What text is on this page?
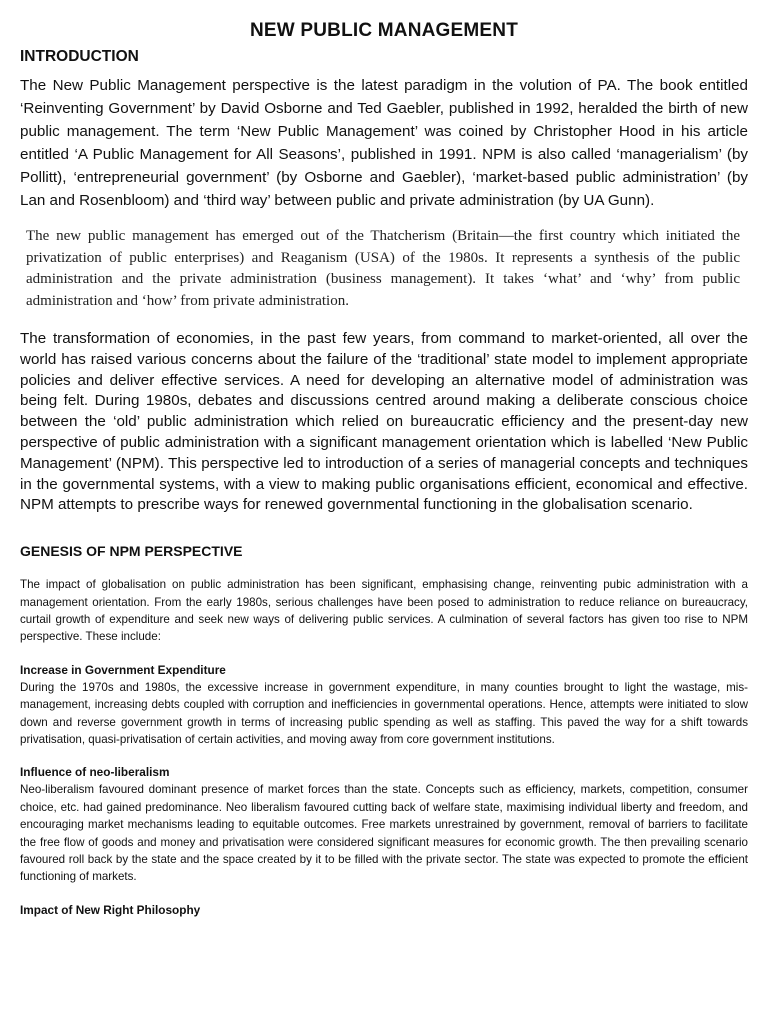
NEW PUBLIC MANAGEMENT
INTRODUCTION

The New Public Management perspective is the latest paradigm in the volution of PA. The book entitled ‘Reinventing Government’ by David Osborne and Ted Gaebler, published in 1992, heralded the birth of new public management. The term ‘New Public Management’ was coined by Christopher Hood in his article entitled ‘A Public Management for All Seasons’, published in 1991. NPM is also called ‘managerialism’ (by Pollitt), ‘entrepreneurial government’ (by Osborne and Gaebler), ‘market-based public administration’ (by Lan and Rosenbloom) and ‘third way’ between public and private administration (by UA Gunn).

The new public management has emerged out of the Thatcherism (Britain—the first country which initiated the privatization of public enterprises) and Reaganism (USA) of the 1980s. It represents a synthesis of the public administration and the private administration (business management). It takes ‘what’ and ‘why’ from public administration and ‘how’ from private administration.

The transformation of economies, in the past few years, from command to market-oriented, all over the world has raised various concerns about the failure of the ‘traditional’ state model to implement appropriate policies and deliver effective services. A need for developing an alternative model of administration was being felt. During 1980s, debates and discussions centred around making a deliberate conscious choice between the ‘old’ public administration which relied on bureaucratic efficiency and the present-day new perspective of public administration with a significant management orientation which is labelled ‘New Public Management’ (NPM). This perspective led to introduction of a series of managerial concepts and techniques in the governmental systems, with a view to making public organisations efficient, economical and effective. NPM attempts to prescribe ways for renewed governmental functioning in the globalisation scenario.

GENESIS OF NPM PERSPECTIVE

The impact of globalisation on public administration has been significant, emphasising change, reinventing pubic administration with a management orientation. From the early 1980s, serious challenges have been posed to administration to reduce reliance on bureaucracy, curtail growth of expenditure and seek new ways of delivering public services. A culmination of several factors has given too rise to NPM perspective. These include:

Increase in Government Expenditure

During the 1970s and 1980s, the excessive increase in government expenditure, in many counties brought to light the wastage, mis-management, increasing debts coupled with corruption and inefficiencies in governmental operations. Hence, attempts were initiated to slow down and reverse government growth in terms of increasing public spending as well as staffing. This paved the way for a shift towards privatisation, quasi-privatisation of certain activities, and moving away from core government institutions.

Influence of neo-liberalism

Neo-liberalism favoured dominant presence of market forces than the state. Concepts such as efficiency, markets, competition, consumer choice, etc. had gained predominance. Neo liberalism favoured cutting back of welfare state, maximising individual liberty and freedom, and encouraging market mechanisms leading to equitable outcomes. Free markets unrestrained by government, removal of barriers to facilitate the free flow of goods and money and privatisation were considered significant measures for economic growth. The then prevailing scenario favoured roll back by the state and the space created by it to be filled with the private sector. The state was expected to promote the efficient functioning of markets.

Impact of New Right Philosophy
